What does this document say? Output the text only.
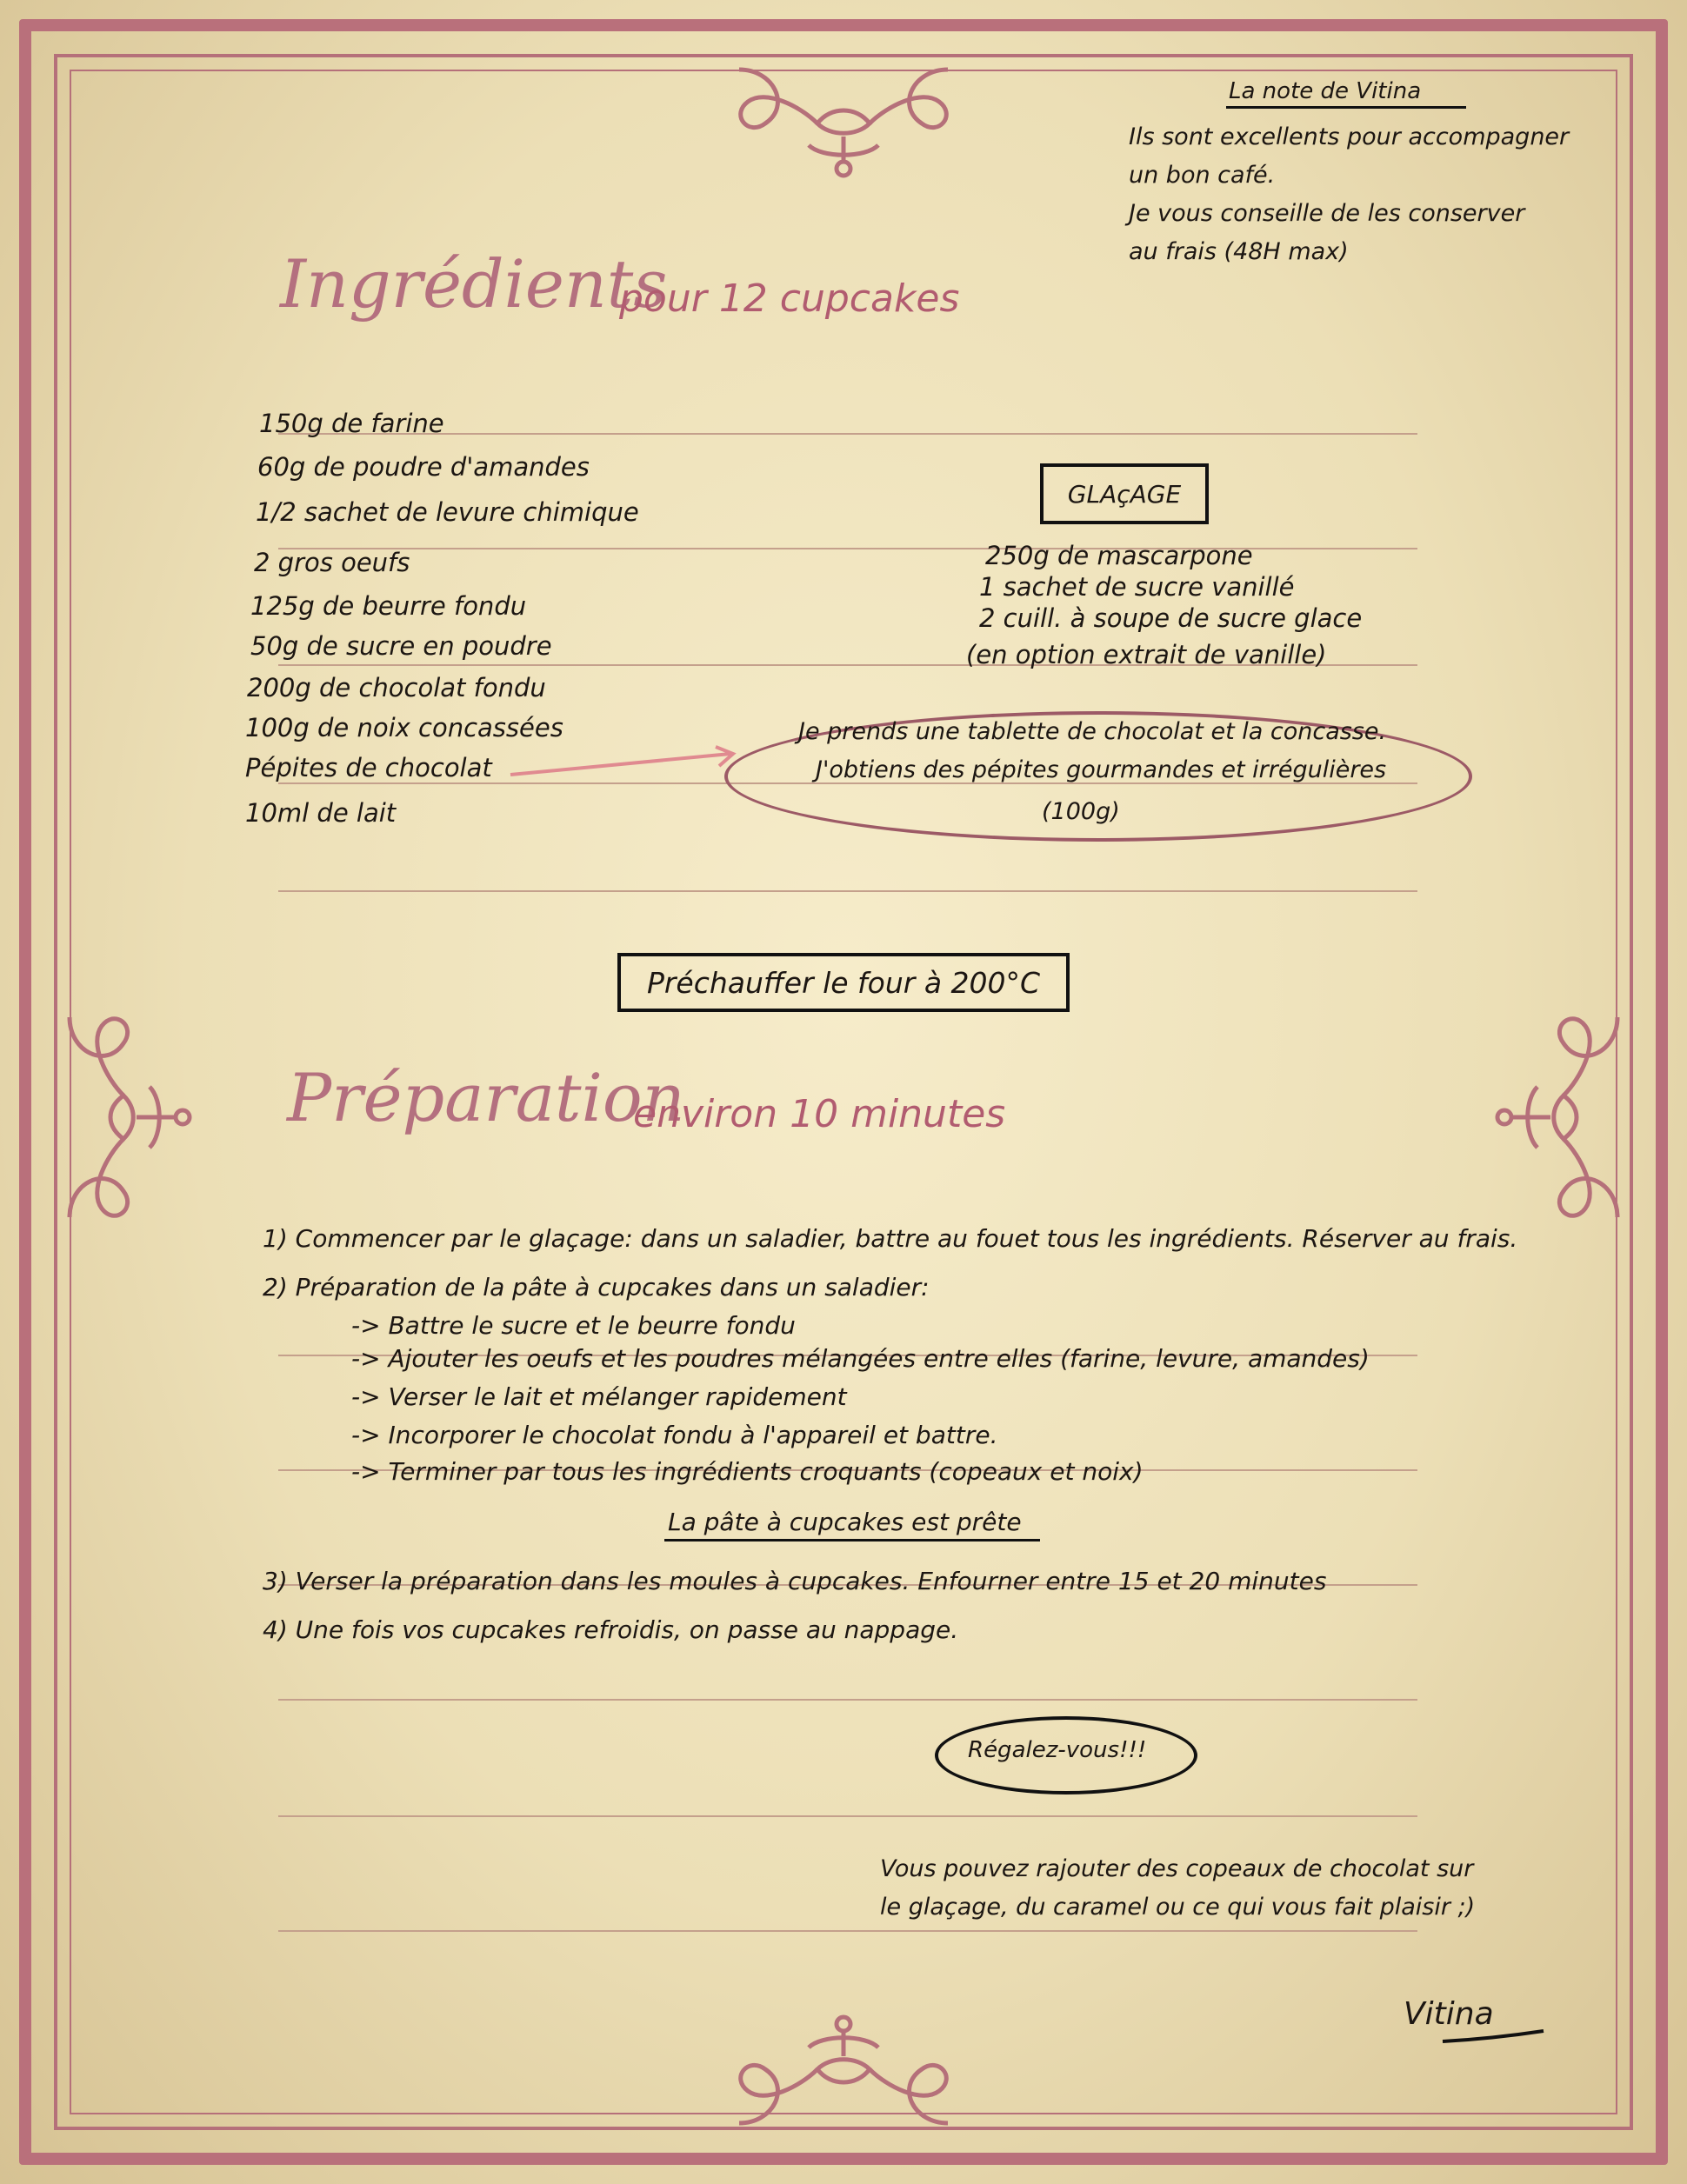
La note de Vitina
Ils sont excellents pour accompagner
un bon café.
Je vous conseille de les conserver
au frais (48H max)
Ingrédients
pour 12 cupcakes
150g de farine
60g de poudre d'amandes
1/2 sachet de levure chimique
2 gros oeufs
125g de beurre fondu
50g de sucre en poudre
200g de chocolat fondu
100g de noix concassées
Pépites de chocolat
10ml de lait
GLAçAGE
250g de mascarpone
1 sachet de sucre vanillé
2 cuill. à soupe de sucre glace
(en option extrait de vanille)
Je prends une tablette de chocolat et la concasse.
J'obtiens des pépites gourmandes et irrégulières
(100g)
Préchauffer le four à 200°C
Préparation
environ 10 minutes
1) Commencer par le glaçage: dans un saladier, battre au fouet tous les ingrédients. Réserver au frais.
2) Préparation de la pâte à cupcakes dans un saladier:
-> Battre le sucre et le beurre fondu
-> Ajouter les oeufs et les poudres mélangées entre elles (farine, levure, amandes)
-> Verser le lait et mélanger rapidement
-> Incorporer le chocolat fondu à l'appareil et battre.
-> Terminer par tous les ingrédients croquants (copeaux et noix)
La pâte à cupcakes est prête
3) Verser la préparation dans les moules à cupcakes. Enfourner entre 15 et 20 minutes
4) Une fois vos cupcakes refroidis, on passe au nappage.
Régalez-vous!!!
Vous pouvez rajouter des copeaux de chocolat sur
le glaçage, du caramel ou ce qui vous fait plaisir ;)
Vitina
